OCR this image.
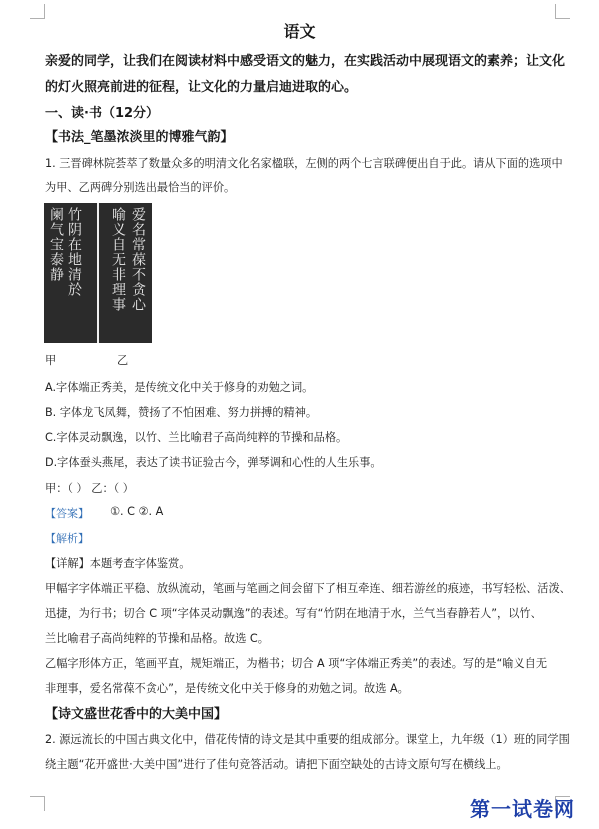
语文
亲爱的同学，让我们在阅读材料中感受语文的魅力，在实践活动中展现语文的素养；让文化
的灯火照亮前进的征程，让文化的力量启迪进取的心。
一、读·书（12分）
【书法_笔墨浓淡里的博雅气韵】
1. 三晋碑林院荟萃了数量众多的明清文化名家楹联，左侧的两个七言联碑便出自于此。请从下面的选项中
为甲、乙两碑分别选出最恰当的评价。
阑气宝泰静 竹阴在地清於 喻义自无非理事 爱名常葆不贪心
甲	乙
A.字体端正秀美，是传统文化中关于修身的劝勉之词。
B. 字体龙飞凤舞，赞扬了不怕困难、努力拼搏的精神。
C.字体灵动飘逸，以竹、兰比喻君子高尚纯粹的节操和品格。
D.字体蚕头燕尾，表达了读书证验古今，弹琴调和心性的人生乐事。
甲：（ ） 乙：（ ）
【答案】 ①. C ②. A
【解析】
【详解】本题考查字体鉴赏。
甲幅字字体端正平稳、放纵流动，笔画与笔画之间会留下了相互牵连、细若游丝的痕迹，书写轻松、活泼、
迅捷，为行书；切合 C 项“字体灵动飘逸”的表述。写有“竹阴在地清于水，兰气当春静若人”，以竹、
兰比喻君子高尚纯粹的节操和品格。故选 C。
乙幅字形体方正，笔画平直，规矩端正，为楷书；切合 A 项“字体端正秀美”的表述。写的是“喻义自无
非理事，爱名常葆不贪心”，是传统文化中关于修身的劝勉之词。故选 A。
【诗文盛世花香中的大美中国】
2. 源远流长的中国古典文化中，借花传情的诗文是其中重要的组成部分。课堂上，九年级（1）班的同学围
绕主题“花开盛世·大美中国”进行了佳句竞答活动。请把下面空缺处的古诗文原句写在横线上。
第一试卷网
